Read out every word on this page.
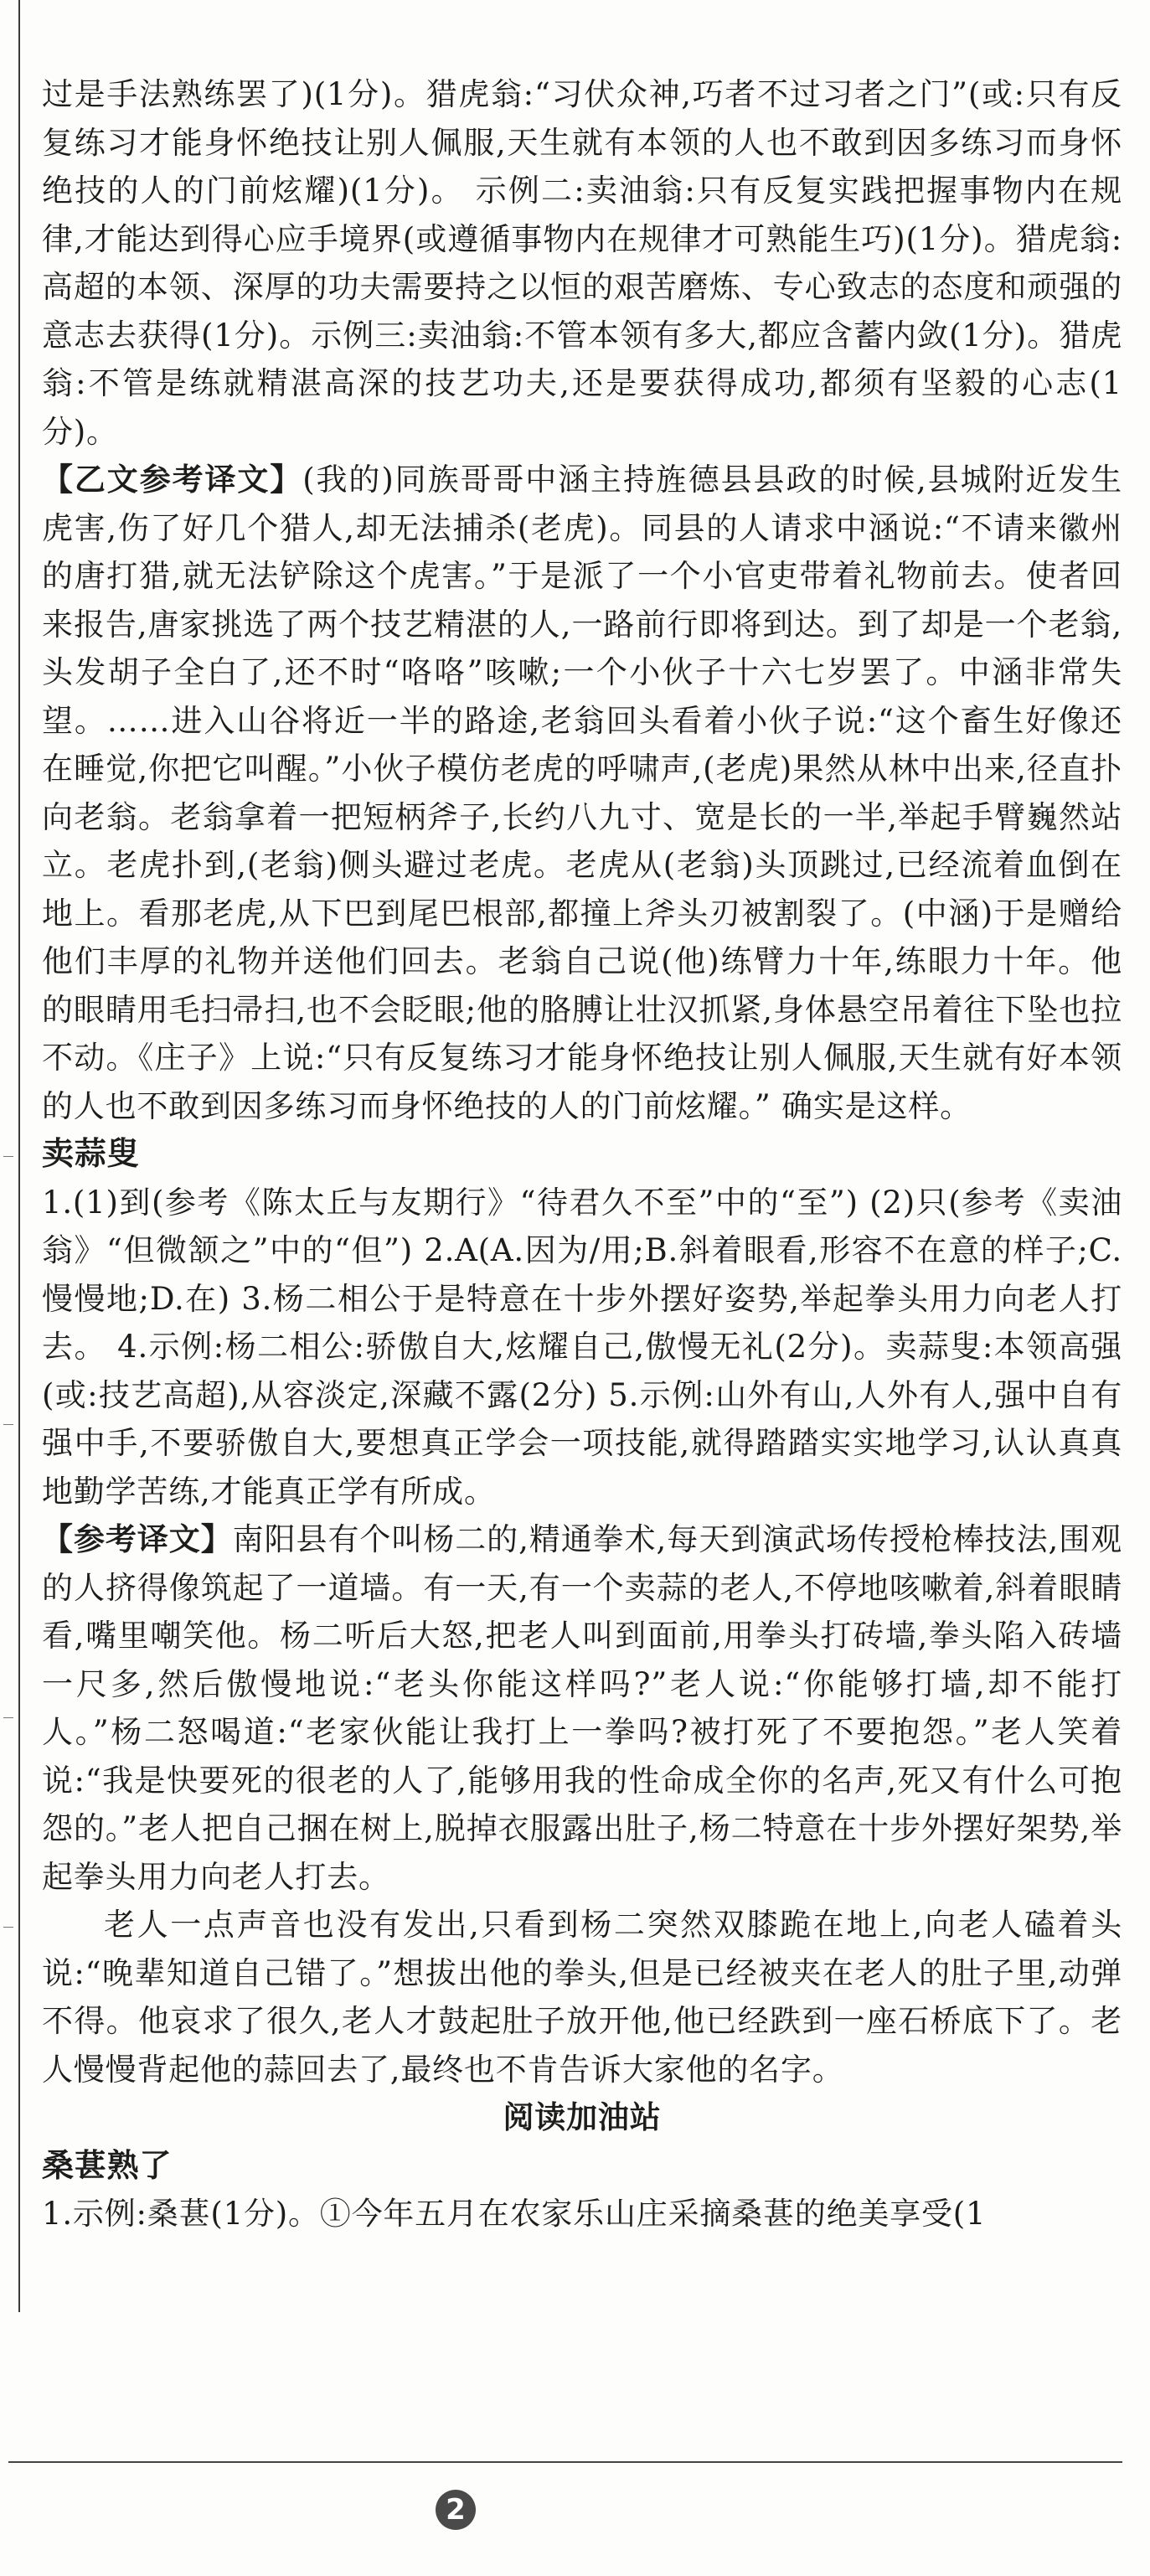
过是手法熟练罢了)(1分)。猎虎翁:“习伏众神,巧者不过习者之门”(或:只有反复练习才能身怀绝技让别人佩服,天生就有本领的人也不敢到因多练习而身怀绝技的人的门前炫耀)(1分)。 示例二:卖油翁:只有反复实践把握事物内在规律,才能达到得心应手境界(或遵循事物内在规律才可熟能生巧)(1分)。猎虎翁:高超的本领、深厚的功夫需要持之以恒的艰苦磨炼、专心致志的态度和顽强的意志去获得(1分)。示例三:卖油翁:不管本领有多大,都应含蓄内敛(1分)。猎虎翁:不管是练就精湛高深的技艺功夫,还是要获得成功,都须有坚毅的心志(1分)。

【乙文参考译文】(我的)同族哥哥中涵主持旌德县县政的时候,县城附近发生虎害,伤了好几个猎人,却无法捕杀(老虎)。同县的人请求中涵说:“不请来徽州的唐打猎,就无法铲除这个虎害。”于是派了一个小官吏带着礼物前去。使者回来报告,唐家挑选了两个技艺精湛的人,一路前行即将到达。到了却是一个老翁,头发胡子全白了,还不时“咯咯”咳嗽;一个小伙子十六七岁罢了。中涵非常失望。……进入山谷将近一半的路途,老翁回头看着小伙子说:“这个畜生好像还在睡觉,你把它叫醒。”小伙子模仿老虎的呼啸声,(老虎)果然从林中出来,径直扑向老翁。老翁拿着一把短柄斧子,长约八九寸、宽是长的一半,举起手臂巍然站立。老虎扑到,(老翁)侧头避过老虎。老虎从(老翁)头顶跳过,已经流着血倒在地上。看那老虎,从下巴到尾巴根部,都撞上斧头刃被割裂了。(中涵)于是赠给他们丰厚的礼物并送他们回去。老翁自己说(他)练臂力十年,练眼力十年。他的眼睛用毛扫帚扫,也不会眨眼;他的胳膊让壮汉抓紧,身体悬空吊着往下坠也拉不动。《庄子》上说:“只有反复练习才能身怀绝技让别人佩服,天生就有好本领的人也不敢到因多练习而身怀绝技的人的门前炫耀。” 确实是这样。

卖蒜叟

1.(1)到(参考《陈太丘与友期行》“待君久不至”中的“至”) (2)只(参考《卖油翁》“但微颔之”中的“但”) 2.A(A.因为/用;B.斜着眼看,形容不在意的样子;C.慢慢地;D.在) 3.杨二相公于是特意在十步外摆好姿势,举起拳头用力向老人打去。 4.示例:杨二相公:骄傲自大,炫耀自己,傲慢无礼(2分)。卖蒜叟:本领高强(或:技艺高超),从容淡定,深藏不露(2分) 5.示例:山外有山,人外有人,强中自有强中手,不要骄傲自大,要想真正学会一项技能,就得踏踏实实地学习,认认真真地勤学苦练,才能真正学有所成。

【参考译文】南阳县有个叫杨二的,精通拳术,每天到演武场传授枪棒技法,围观的人挤得像筑起了一道墙。有一天,有一个卖蒜的老人,不停地咳嗽着,斜着眼睛看,嘴里嘲笑他。杨二听后大怒,把老人叫到面前,用拳头打砖墙,拳头陷入砖墙一尺多,然后傲慢地说:“老头你能这样吗?”老人说:“你能够打墙,却不能打人。”杨二怒喝道:“老家伙能让我打上一拳吗?被打死了不要抱怨。”老人笑着说:“我是快要死的很老的人了,能够用我的性命成全你的名声,死又有什么可抱怨的。”老人把自己捆在树上,脱掉衣服露出肚子,杨二特意在十步外摆好架势,举起拳头用力向老人打去。

老人一点声音也没有发出,只看到杨二突然双膝跪在地上,向老人磕着头说:“晚辈知道自己错了。”想拔出他的拳头,但是已经被夹在老人的肚子里,动弹不得。他哀求了很久,老人才鼓起肚子放开他,他已经跌到一座石桥底下了。老人慢慢背起他的蒜回去了,最终也不肯告诉大家他的名字。

阅读加油站

桑葚熟了

1.示例:桑葚(1分)。①今年五月在农家乐山庄采摘桑葚的绝美享受(1

2
